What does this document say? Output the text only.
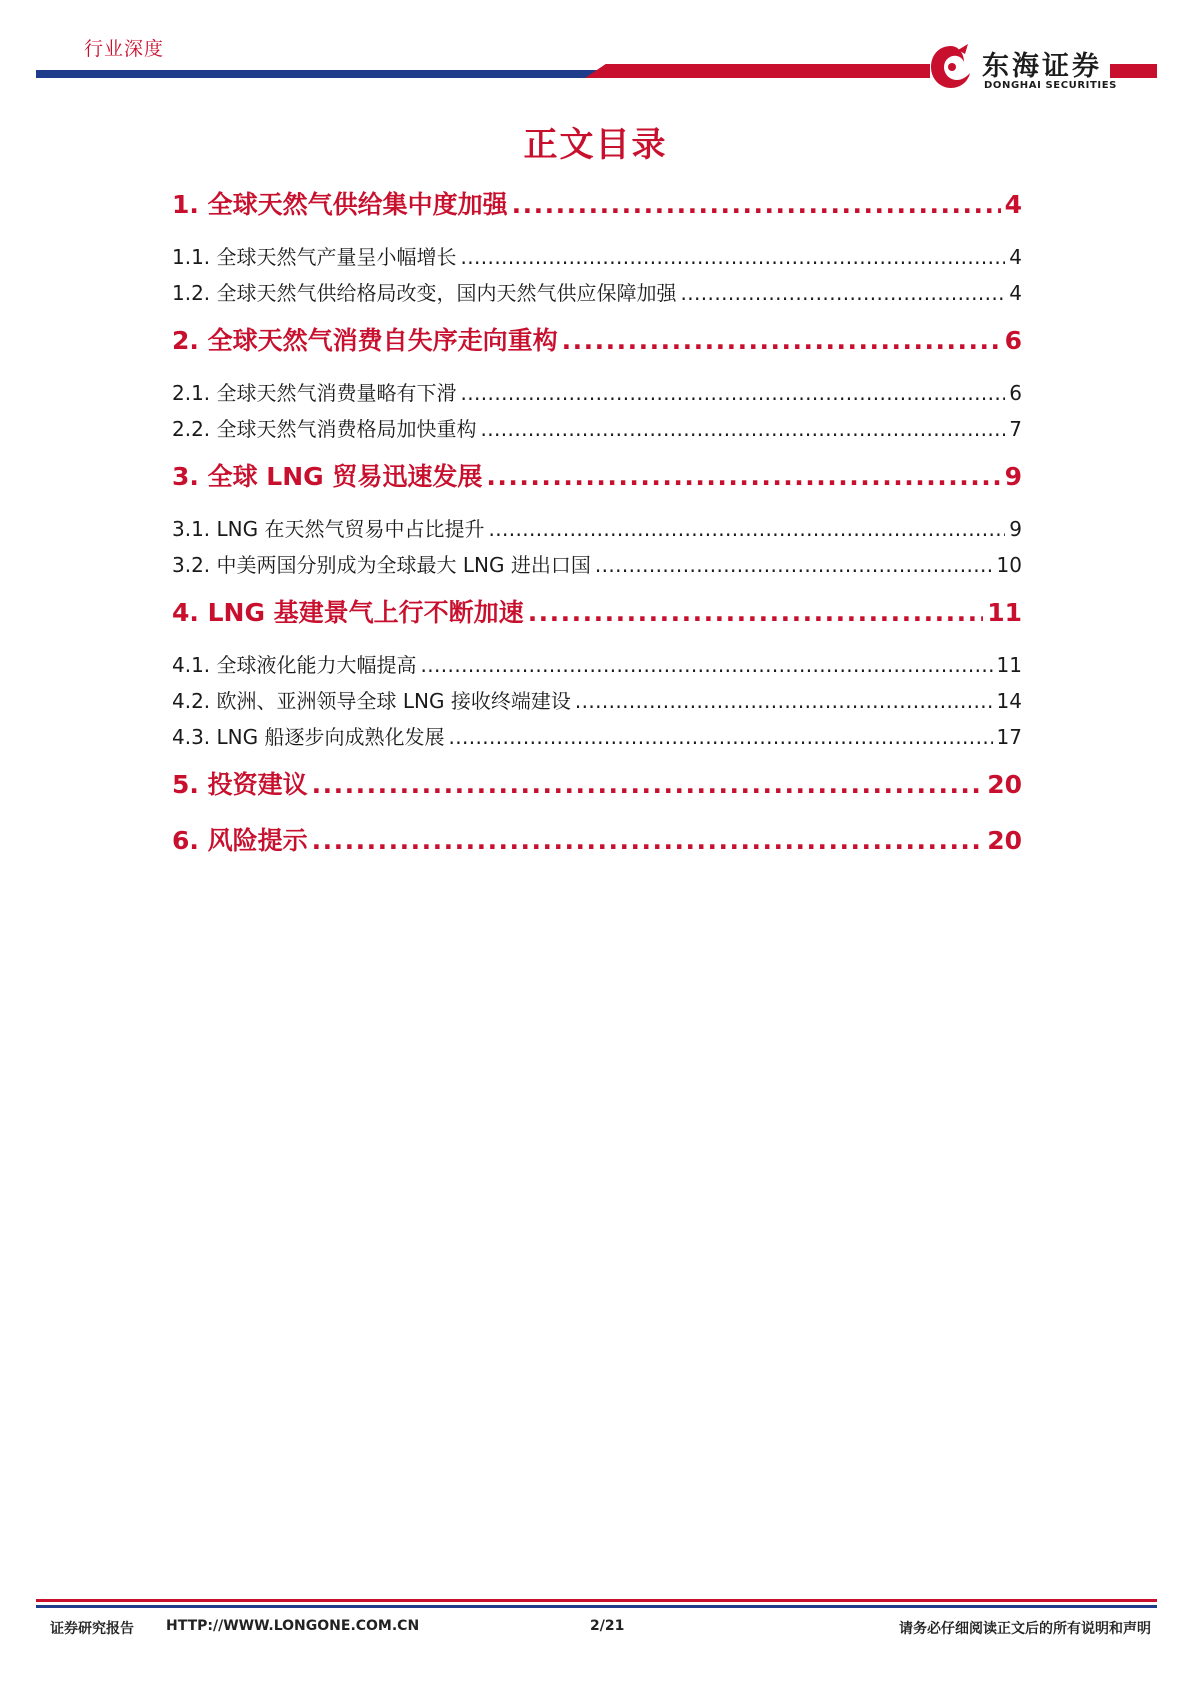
行业深度
东海证券
DONGHAI SECURITIES
正文目录
1. 全球天然气供给集中度加强 .....	4
1.1. 全球天然气产量呈小幅增长 .....	4
1.2. 全球天然气供给格局改变，国内天然气供应保障加强 .....	4
2. 全球天然气消费自失序走向重构 .....	6
2.1. 全球天然气消费量略有下滑 .....	6
2.2. 全球天然气消费格局加快重构 .....	7
3. 全球 LNG 贸易迅速发展 .....	9
3.1. LNG 在天然气贸易中占比提升 .....	9
3.2. 中美两国分别成为全球最大 LNG 进出口国 .....	10
4. LNG 基建景气上行不断加速 .....	11
4.1. 全球液化能力大幅提高 .....	11
4.2. 欧洲、亚洲领导全球 LNG 接收终端建设 .....	14
4.3. LNG 船逐步向成熟化发展 .....	17
5. 投资建议 .....	20
6. 风险提示 .....	20
证券研究报告 HTTP://WWW.LONGONE.COM.CN	2/21	请务必仔细阅读正文后的所有说明和声明
